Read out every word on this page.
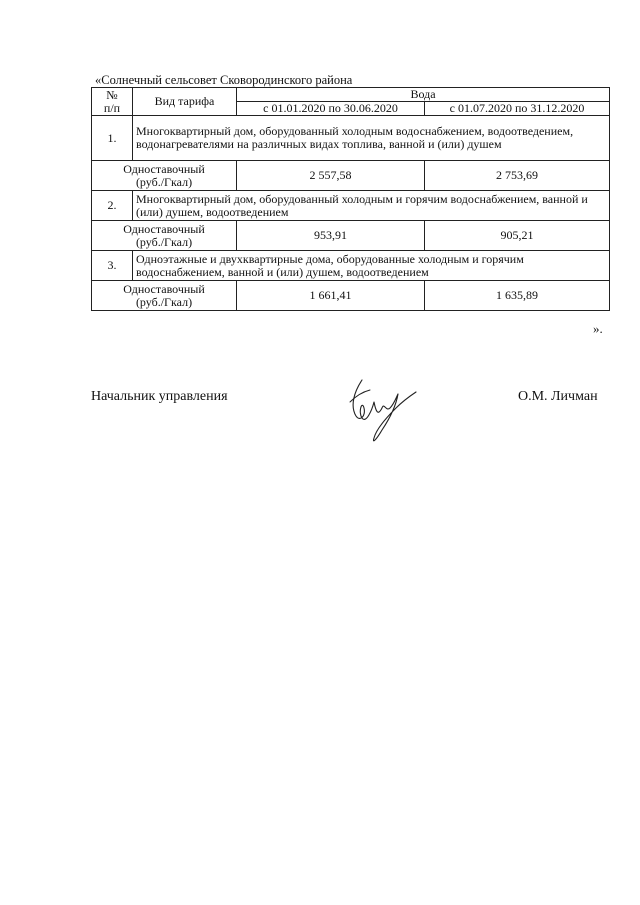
«Солнечный сельсовет Сковородинского района
№
п/п	Вид тарифа	Вода	
		с 01.01.2020 по 30.06.2020	с 01.07.2020 по 31.12.2020
1.	Многоквартирный дом, оборудованный холодным водоснабжением, водоотведением, водонагревателями на различных видах топлива, ванной и (или) душем		

Одноставочный
(руб./Гкал)		2 557,58	2 753,69
2.	Многоквартирный дом, оборудованный холодным и горячим водоснабжением, ванной и (или) душем, водоотведением		

Одноставочный
(руб./Гкал)		953,91	905,21
3.	Одноэтажные и двухквартирные дома, оборудованные холодным и горячим водоснабжением, ванной и (или) душем, водоотведением		

Одноставочный
(руб./Гкал)		1 661,41	1 635,89
».
Начальник управления	О.М. Личман
